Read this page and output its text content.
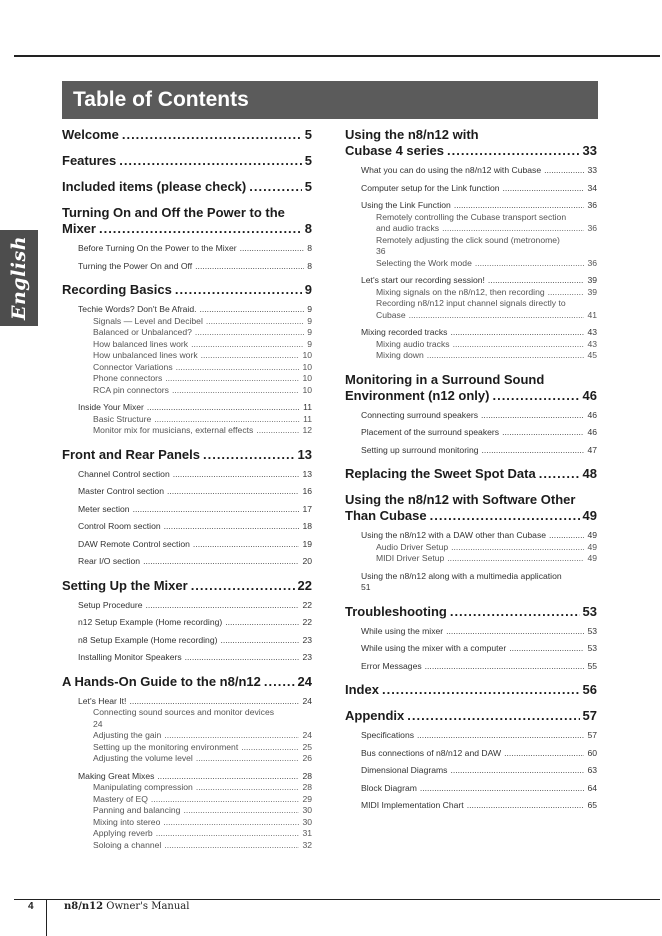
English
Table of Contents
Welcome .....	5
Features .....	5
Included items (please check) .....	5
Turning On and Off the Power to the
Mixer .....	8
Before Turning On the Power to the Mixer .....	8
Turning the Power On and Off .....	8
Recording Basics .....	9
Techie Words? Don't Be Afraid. .....	9
Signals — Level and Decibel .....	9
Balanced or Unbalanced? .....	9
How balanced lines work .....	9
How unbalanced lines work .....	10
Connector Variations .....	10
Phone connectors .....	10
RCA pin connectors .....	10
Inside Your Mixer .....	11
Basic Structure .....	11
Monitor mix for musicians, external effects .....	12
Front and Rear Panels .....	13
Channel Control section .....	13
Master Control section .....	16
Meter section .....	17
Control Room section .....	18
DAW Remote Control section .....	19
Rear I/O section .....	20
Setting Up the Mixer .....	22
Setup Procedure .....	22
n12 Setup Example (Home recording) .....	22
n8 Setup Example (Home recording) .....	23
Installing Monitor Speakers .....	23
A Hands-On Guide to the n8/n12 .....	24
Let's Hear It! .....	24
Connecting sound sources and monitor devices
24
Adjusting the gain .....	24
Setting up the monitoring environment .....	25
Adjusting the volume level .....	26
Making Great Mixes .....	28
Manipulating compression .....	28
Mastery of EQ .....	29
Panning and balancing .....	30
Mixing into stereo .....	30
Applying reverb .....	31
Soloing a channel .....	32
Using the n8/n12 with
Cubase 4 series .....	33
What you can do using the n8/n12 with Cubase .....	33
Computer setup for the Link function .....	34
Using the Link Function .....	36
Remotely controlling the Cubase transport section
and audio tracks .....	36
Remotely adjusting the click sound (metronome)
36
Selecting the Work mode .....	36
Let's start our recording session! .....	39
Mixing signals on the n8/n12, then recording .....	39
Recording n8/n12 input channel signals directly to
Cubase .....	41
Mixing recorded tracks .....	43
Mixing audio tracks .....	43
Mixing down .....	45
Monitoring in a Surround Sound
Environment (n12 only) .....	46
Connecting surround speakers .....	46
Placement of the surround speakers .....	46
Setting up surround monitoring .....	47
Replacing the Sweet Spot Data .....	48
Using the n8/n12 with Software Other
Than Cubase .....	49
Using the n8/n12 with a DAW other than Cubase .....	49
Audio Driver Setup .....	49
MIDI Driver Setup .....	49
Using the n8/n12 along with a multimedia application
51
Troubleshooting .....	53
While using the mixer .....	53
While using the mixer with a computer .....	53
Error Messages .....	55
Index .....	56
Appendix .....	57
Specifications .....	57
Bus connections of n8/n12 and DAW .....	60
Dimensional Diagrams .....	63
Block Diagram .....	64
MIDI Implementation Chart .....	65
4	n8/n12 Owner's Manual
